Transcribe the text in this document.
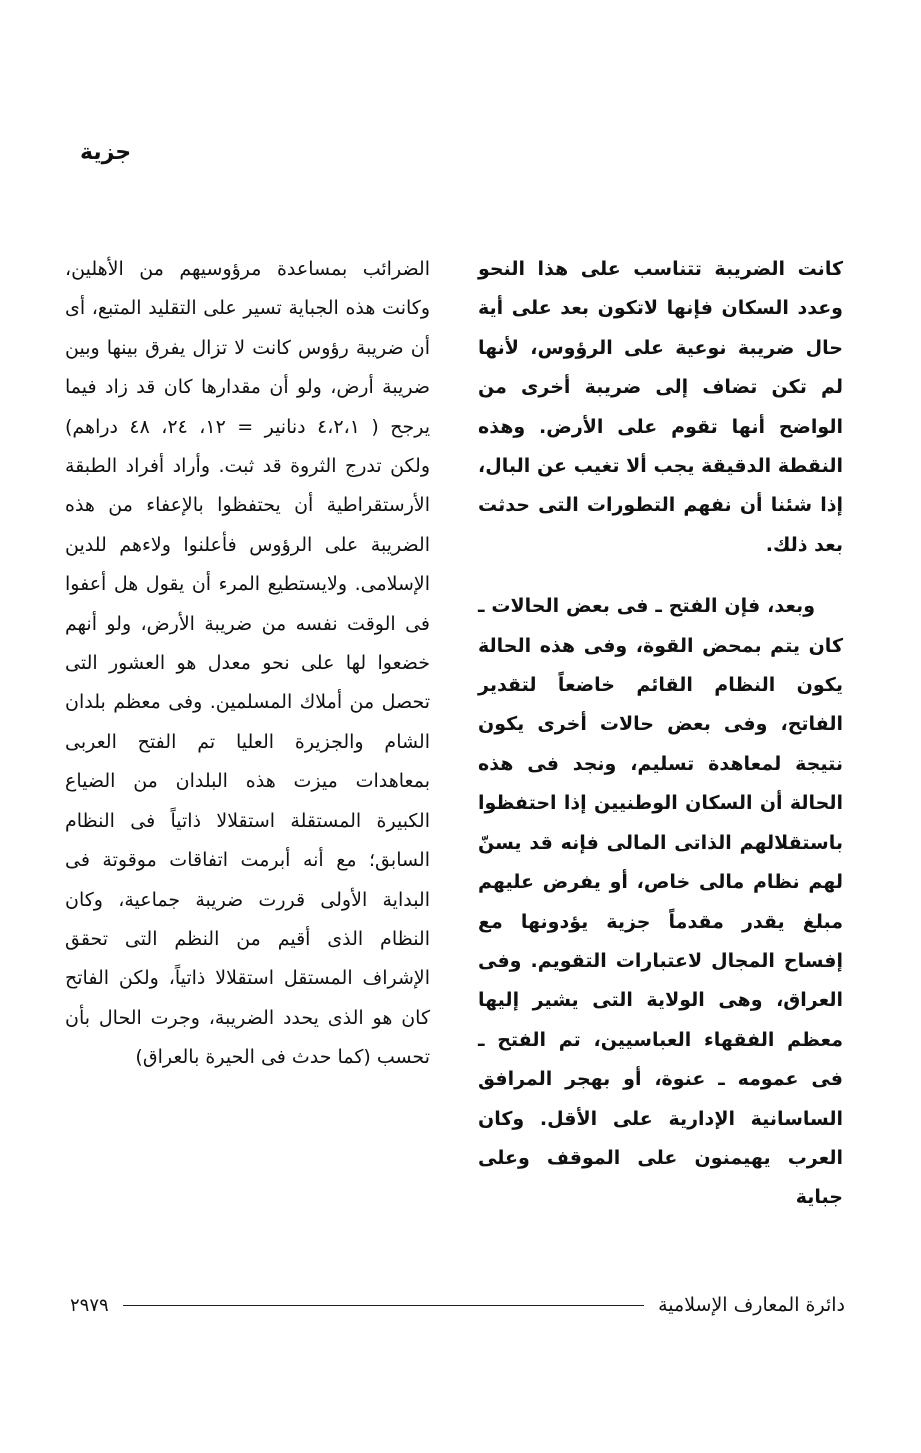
جزية

كانت الضريبة تتناسب على هذا النحو وعدد السكان فإنها لاتكون بعد على أية حال ضريبة نوعية على الرؤوس، لأنها لم تكن تضاف إلى ضريبة أخرى من الواضح أنها تقوم على الأرض. وهذه النقطة الدقيقة يجب ألا تغيب عن البال، إذا شئنا أن نفهم التطورات التى حدثت بعد ذلك.

وبعد، فإن الفتح ـ فى بعض الحالات ـ كان يتم بمحض القوة، وفى هذه الحالة يكون النظام القائم خاضعاً لتقدير الفاتح، وفى بعض حالات أخرى يكون نتيجة لمعاهدة تسليم، ونجد فى هذه الحالة أن السكان الوطنيين إذا احتفظوا باستقلالهم الذاتى المالى فإنه قد يسنّ لهم نظام مالى خاص، أو يفرض عليهم مبلغ يقدر مقدماً جزية يؤدونها مع إفساح المجال لاعتبارات التقويم. وفى العراق، وهى الولاية التى يشير إليها معظم الفقهاء العباسيين، تم الفتح ـ فى عمومه ـ عنوة، أو بهجر المرافق الساسانية الإدارية على الأقل. وكان العرب يهيمنون على الموقف وعلى جباية

الضرائب بمساعدة مرؤوسيهم من الأهلين، وكانت هذه الجباية تسير على التقليد المتبع، أى أن ضريبة رؤوس كانت لا تزال يفرق بينها وبين ضريبة أرض، ولو أن مقدارها كان قد زاد فيما يرجح ( ٤،٢،١ دنانير = ١٢، ٢٤، ٤٨ دراهم) ولكن تدرج الثروة قد ثبت. وأراد أفراد الطبقة الأرستقراطية أن يحتفظوا بالإعفاء من هذه الضريبة على الرؤوس فأعلنوا ولاءهم للدين الإسلامى. ولايستطيع المرء أن يقول هل أعفوا فى الوقت نفسه من ضريبة الأرض، ولو أنهم خضعوا لها على نحو معدل هو العشور التى تحصل من أملاك المسلمين. وفى معظم بلدان الشام والجزيرة العليا تم الفتح العربى بمعاهدات ميزت هذه البلدان من الضياع الكبيرة المستقلة استقلالا ذاتياً فى النظام السابق؛ مع أنه أبرمت اتفاقات موقوتة فى البداية الأولى قررت ضريبة جماعية، وكان النظام الذى أقيم من النظم التى تحقق الإشراف المستقل استقلالا ذاتياً، ولكن الفاتح كان هو الذى يحدد الضريبة، وجرت الحال بأن تحسب (كما حدث فى الحيرة بالعراق)

دائرة المعارف الإسلامية
٢٩٧٩
